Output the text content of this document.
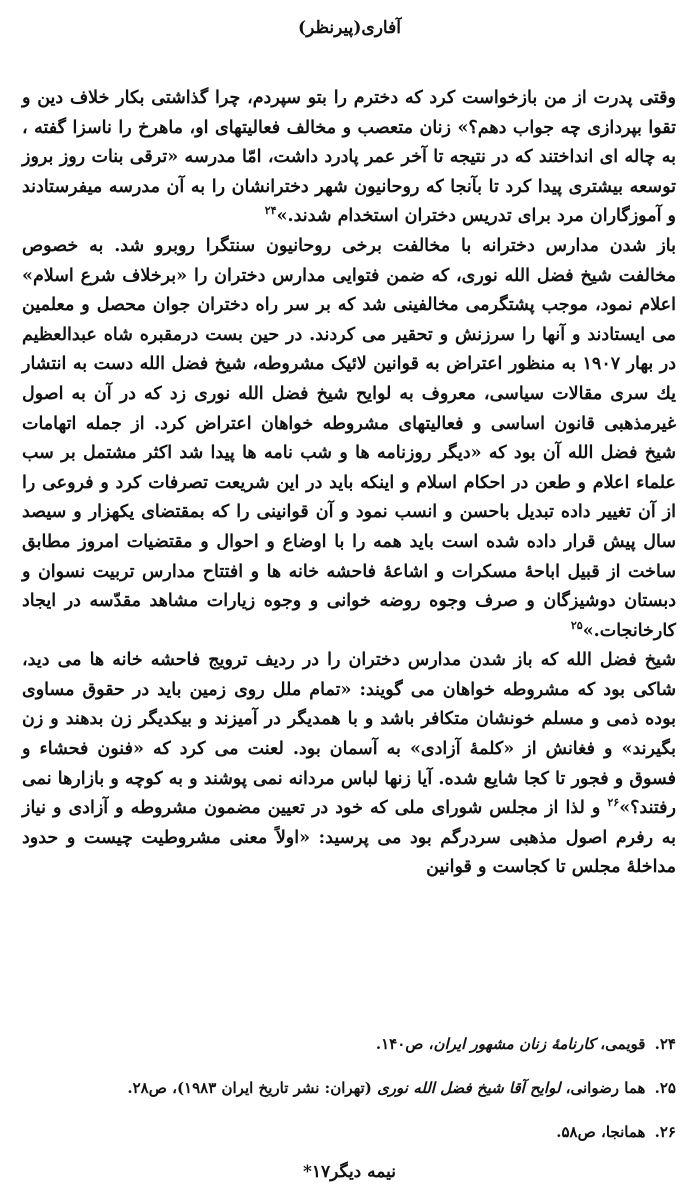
آفاری(پیرنظر)

وقتی پدرت از من بازخواست کرد که دخترم را بتو سپردم، چرا گذاشتی بکار خلاف دین و تقوا بپردازی چه جواب دهم؟» زنان متعصب و مخالف فعالیتهای او، ماهرخ را ناسزا گفته ، به چاله ای انداختند که در نتیجه تا آخر عمر پادرد داشت، امّا مدرسه «ترقی بنات روز بروز توسعه بیشتری پیدا کرد تا بآنجا که روحانیون شهر دخترانشان را به آن مدرسه میفرستادند و آموزگاران مرد برای تدریس دختران استخدام شدند.»$^{۲۴}$

باز شدن مدارس دخترانه با مخالفت برخی روحانیون سنتگرا روبرو شد. به خصوص مخالفت شیخ فضل الله نوری، که ضمن فتوایی مدارس دختران را «برخلاف شرع اسلام» اعلام نمود، موجب پشتگرمی مخالفینی شد که بر سر راه دختران جوان محصل و معلمین می ایستادند و آنها را سرزنش و تحقیر می کردند. در حین بست درمقبره شاه عبدالعظیم در بهار ۱۹۰۷ به منظور اعتراض به قوانین لائیک مشروطه، شیخ فضل الله دست به انتشار یك سری مقالات سیاسی، معروف به لوایح شیخ فضل الله نوری زد که در آن به اصول غیرمذهبی قانون اساسی و فعالیتهای مشروطه خواهان اعتراض کرد. از جمله اتهامات شیخ فضل الله آن بود که «دیگر روزنامه ها و شب نامه ها پیدا شد اکثر مشتمل بر سب علماء اعلام و طعن در احکام اسلام و اینکه باید در این شریعت تصرفات کرد و فروعی را از آن تغییر داده تبدیل باحسن و انسب نمود و آن قوانینی را که بمقتضای یکهزار و سیصد سال پیش قرار داده شده است باید همه را با اوضاع و احوال و مقتضیات امروز مطابق ساخت از قبیل اباحهٔ مسکرات و اشاعهٔ فاحشه خانه ها و افتتاح مدارس تربیت نسوان و دبستان دوشیزگان و صرف وجوه روضه خوانی و وجوه زیارات مشاهد مقدّسه در ایجاد کارخانجات.»$^{۲۵}$

شیخ فضل الله که باز شدن مدارس دختران را در ردیف ترویج فاحشه خانه ها می دید، شاکی بود که مشروطه خواهان می گویند: «تمام ملل روی زمین باید در حقوق مساوی بوده ذمی و مسلم خونشان متکافر باشد و با همدیگر در آمیزند و بیکدیگر زن بدهند و زن بگیرند» و فغانش از «کلمهٔ آزادی» به آسمان بود. لعنت می کرد که «فنون فحشاء و فسوق و فجور تا کجا شایع شده. آیا زنها لباس مردانه نمی پوشند و به کوچه و بازارها نمی رفتند؟»$^{۲۶}$ و لذا از مجلس شورای ملی که خود در تعیین مضمون مشروطه و آزادی و نیاز به رفرم اصول مذهبی سردرگم بود می پرسید: «اولاً معنی مشروطیت چیست و حدود مداخلهٔ مجلس تا کجاست و قوانین

۲۴. قویمی، کارنامهٔ زنان مشهور ایران، ص۱۴۰.

۲۵. هما رضوانی، لوایح آقا شیخ فضل الله نوری (تهران: نشر تاریخ ایران ۱۹۸۳)، ص۲۸.

۲۶. همانجا، ص۵۸.

نیمه دیگر۱۷*
